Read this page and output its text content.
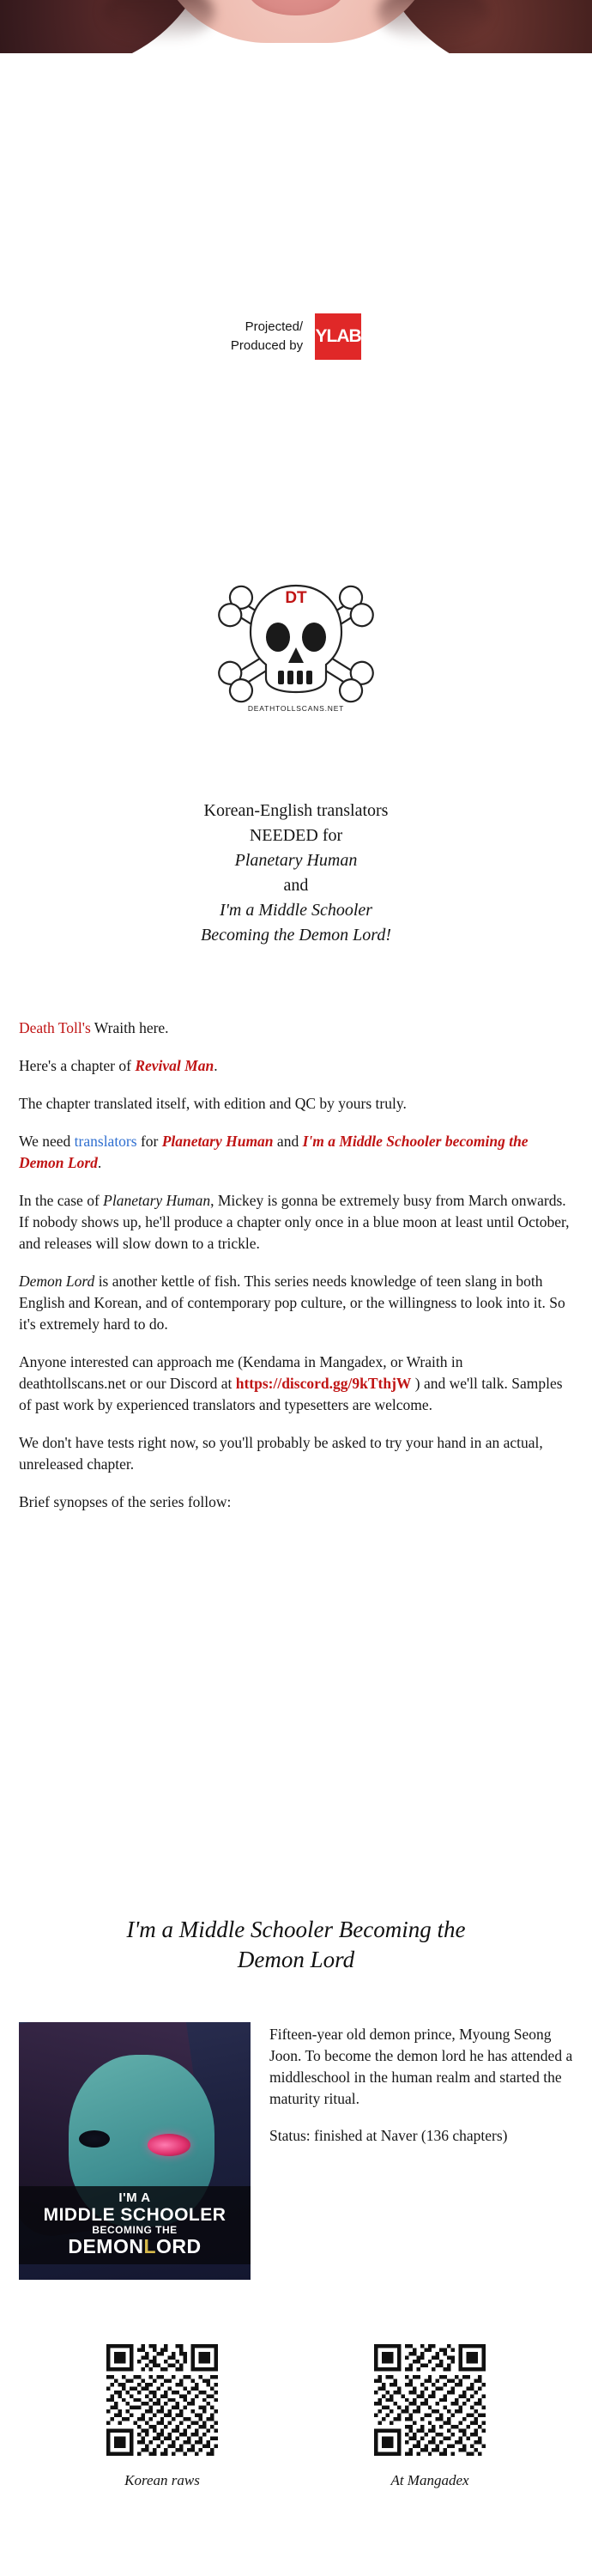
Projected/
Produced by YLAB
DT
DEATHTOLLSCANS.NET
Korean-English translators
NEEDED for
Planetary Human
and
I'm a Middle Schooler
Becoming the Demon Lord!

Death Toll's Wraith here.

Here's a chapter of Revival Man.

The chapter translated itself, with edition and QC by yours truly.

We need translators for Planetary Human and I'm a Middle Schooler becoming the Demon Lord.

In the case of Planetary Human, Mickey is gonna be extremely busy from March onwards. If nobody shows up, he'll produce a chapter only once in a blue moon at least until October, and releases will slow down to a trickle.

Demon Lord is another kettle of fish. This series needs knowledge of teen slang in both English and Korean, and of contemporary pop culture, or the willingness to look into it. So it's extremely hard to do.

Anyone interested can approach me (Kendama in Mangadex, or Wraith in deathtollscans.net or our Discord at https://discord.gg/9kTthjW ) and we'll talk. Samples of past work by experienced translators and typesetters are welcome.

We don't have tests right now, so you'll probably be asked to try your hand in an actual, unreleased chapter.

Brief synopses of the series follow:

I'm a Middle Schooler Becoming the
Demon Lord
I'M A
MIDDLE SCHOOLER
BECOMING THE
DEMONLORD

Fifteen-year old demon prince, Myoung Seong Joon. To become the demon lord he has attended a middleschool in the human realm and started the maturity ritual.

Status: finished at Naver (136 chapters)

Korean raws	At Mangadex
